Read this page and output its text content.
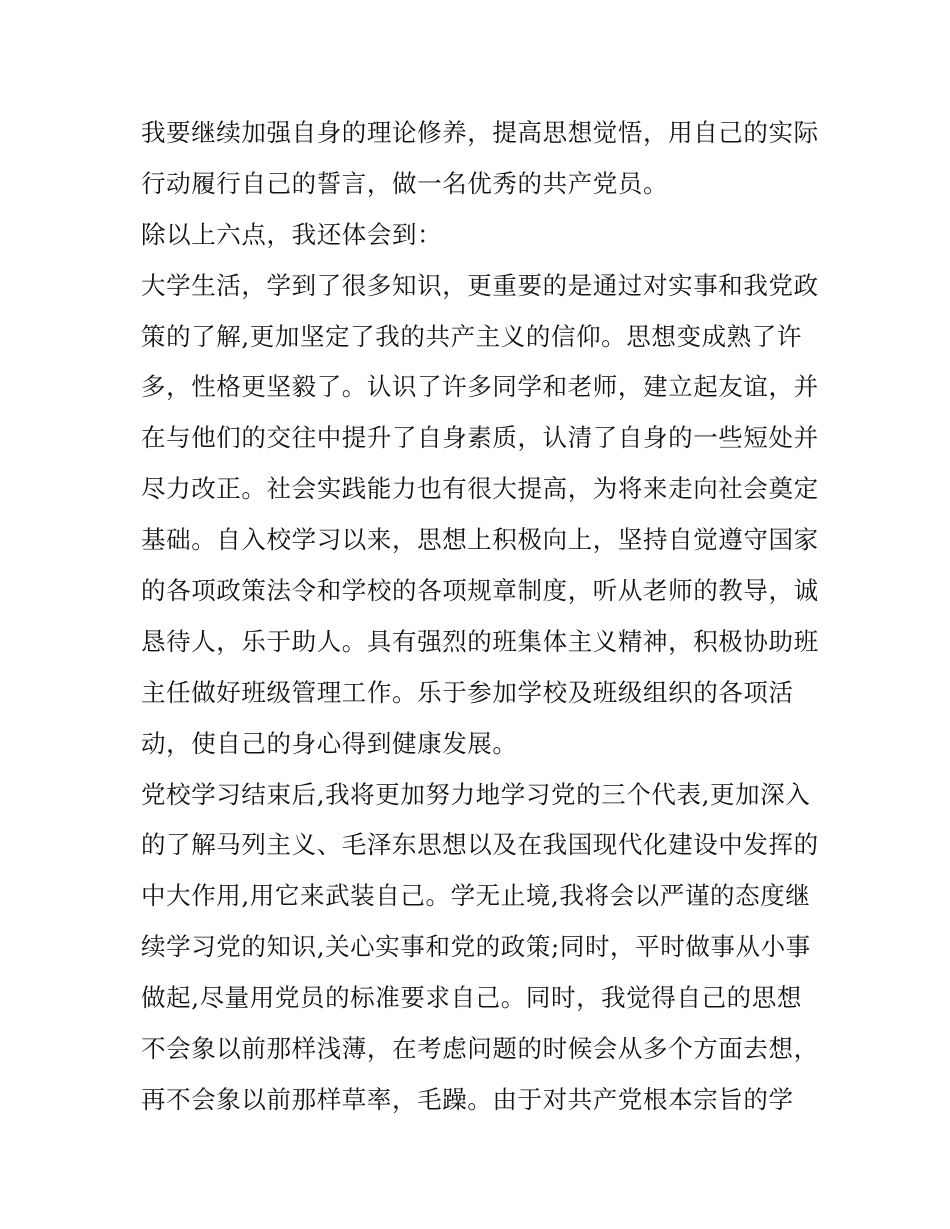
我要继续加强自身的理论修养，提高思想觉悟，用自己的实际
行动履行自己的誓言，做一名优秀的共产党员。
除以上六点，我还体会到：
大学生活，学到了很多知识，更重要的是通过对实事和我党政
策的了解,更加坚定了我的共产主义的信仰。思想变成熟了许
多，性格更坚毅了。认识了许多同学和老师，建立起友谊，并
在与他们的交往中提升了自身素质，认清了自身的一些短处并
尽力改正。社会实践能力也有很大提高，为将来走向社会奠定
基础。自入校学习以来，思想上积极向上，坚持自觉遵守国家
的各项政策法令和学校的各项规章制度，听从老师的教导，诚
恳待人，乐于助人。具有强烈的班集体主义精神，积极协助班
主任做好班级管理工作。乐于参加学校及班级组织的各项活
动，使自己的身心得到健康发展。
党校学习结束后,我将更加努力地学习党的三个代表,更加深入
的了解马列主义、毛泽东思想以及在我国现代化建设中发挥的
中大作用,用它来武装自己。学无止境,我将会以严谨的态度继
续学习党的知识,关心实事和党的政策;同时，平时做事从小事
做起,尽量用党员的标准要求自己。同时，我觉得自己的思想
不会象以前那样浅薄，在考虑问题的时候会从多个方面去想，
再不会象以前那样草率，毛躁。由于对共产党根本宗旨的学
